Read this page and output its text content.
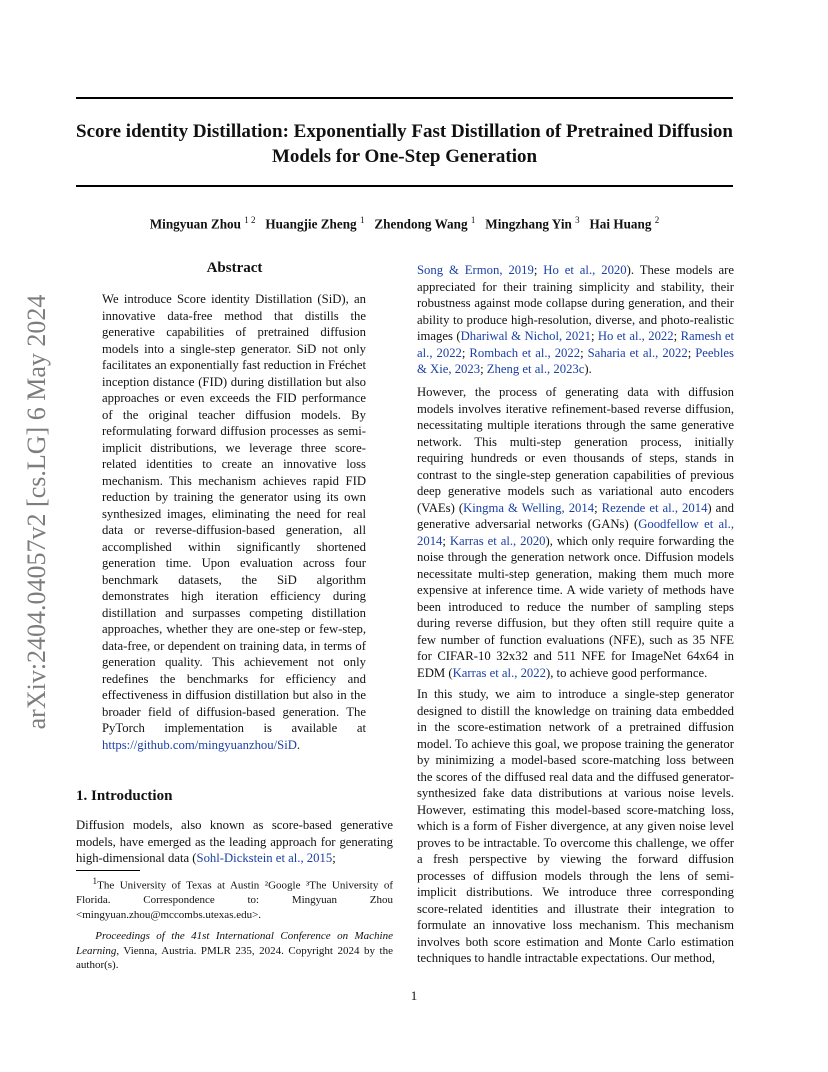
Score identity Distillation: Exponentially Fast Distillation of Pretrained Diffusion Models for One-Step Generation
Mingyuan Zhou $^{1 2}$ Huangjie Zheng $^1$ Zhendong Wang $^1$ Mingzhang Yin $^3$ Hai Huang $^2$
arXiv:2404.04057v2 [cs.LG] 6 May 2024
Abstract
We introduce Score identity Distillation (SiD), an innovative data-free method that distills the generative capabilities of pretrained diffusion models into a single-step generator. SiD not only facilitates an exponentially fast reduction in Fréchet inception distance (FID) during distillation but also approaches or even exceeds the FID performance of the original teacher diffusion models. By reformulating forward diffusion processes as semi-implicit distributions, we leverage three score-related identities to create an innovative loss mechanism. This mechanism achieves rapid FID reduction by training the generator using its own synthesized images, eliminating the need for real data or reverse-diffusion-based generation, all accomplished within significantly shortened generation time. Upon evaluation across four benchmark datasets, the SiD algorithm demonstrates high iteration efficiency during distillation and surpasses competing distillation approaches, whether they are one-step or few-step, data-free, or dependent on training data, in terms of generation quality. This achievement not only redefines the benchmarks for efficiency and effectiveness in diffusion distillation but also in the broader field of diffusion-based generation. The PyTorch implementation is available at https://github.com/mingyuanzhou/SiD.
1. Introduction

Diffusion models, also known as score-based generative models, have emerged as the leading approach for generating high-dimensional data (Sohl-Dickstein et al., 2015;

$^1$The University of Texas at Austin ²Google ³The University of Florida. Correspondence to: Mingyuan Zhou <mingyuan.zhou@mccombs.utexas.edu>.
Proceedings of the 41st International Conference on Machine Learning, Vienna, Austria. PMLR 235, 2024. Copyright 2024 by the author(s).

Song & Ermon, 2019; Ho et al., 2020). These models are appreciated for their training simplicity and stability, their robustness against mode collapse during generation, and their ability to produce high-resolution, diverse, and photo-realistic images (Dhariwal & Nichol, 2021; Ho et al., 2022; Ramesh et al., 2022; Rombach et al., 2022; Saharia et al., 2022; Peebles & Xie, 2023; Zheng et al., 2023c).

However, the process of generating data with diffusion models involves iterative refinement-based reverse diffusion, necessitating multiple iterations through the same generative network. This multi-step generation process, initially requiring hundreds or even thousands of steps, stands in contrast to the single-step generation capabilities of previous deep generative models such as variational auto encoders (VAEs) (Kingma & Welling, 2014; Rezende et al., 2014) and generative adversarial networks (GANs) (Goodfellow et al., 2014; Karras et al., 2020), which only require forwarding the noise through the generation network once. Diffusion models necessitate multi-step generation, making them much more expensive at inference time. A wide variety of methods have been introduced to reduce the number of sampling steps during reverse diffusion, but they often still require quite a few number of function evaluations (NFE), such as 35 NFE for CIFAR-10 32x32 and 511 NFE for ImageNet 64x64 in EDM (Karras et al., 2022), to achieve good performance.

In this study, we aim to introduce a single-step generator designed to distill the knowledge on training data embedded in the score-estimation network of a pretrained diffusion model. To achieve this goal, we propose training the generator by minimizing a model-based score-matching loss between the scores of the diffused real data and the diffused generator-synthesized fake data distributions at various noise levels. However, estimating this model-based score-matching loss, which is a form of Fisher divergence, at any given noise level proves to be intractable. To overcome this challenge, we offer a fresh perspective by viewing the forward diffusion processes of diffusion models through the lens of semi-implicit distributions. We introduce three corresponding score-related identities and illustrate their integration to formulate an innovative loss mechanism. This mechanism involves both score estimation and Monte Carlo estimation techniques to handle intractable expectations. Our method,

1
